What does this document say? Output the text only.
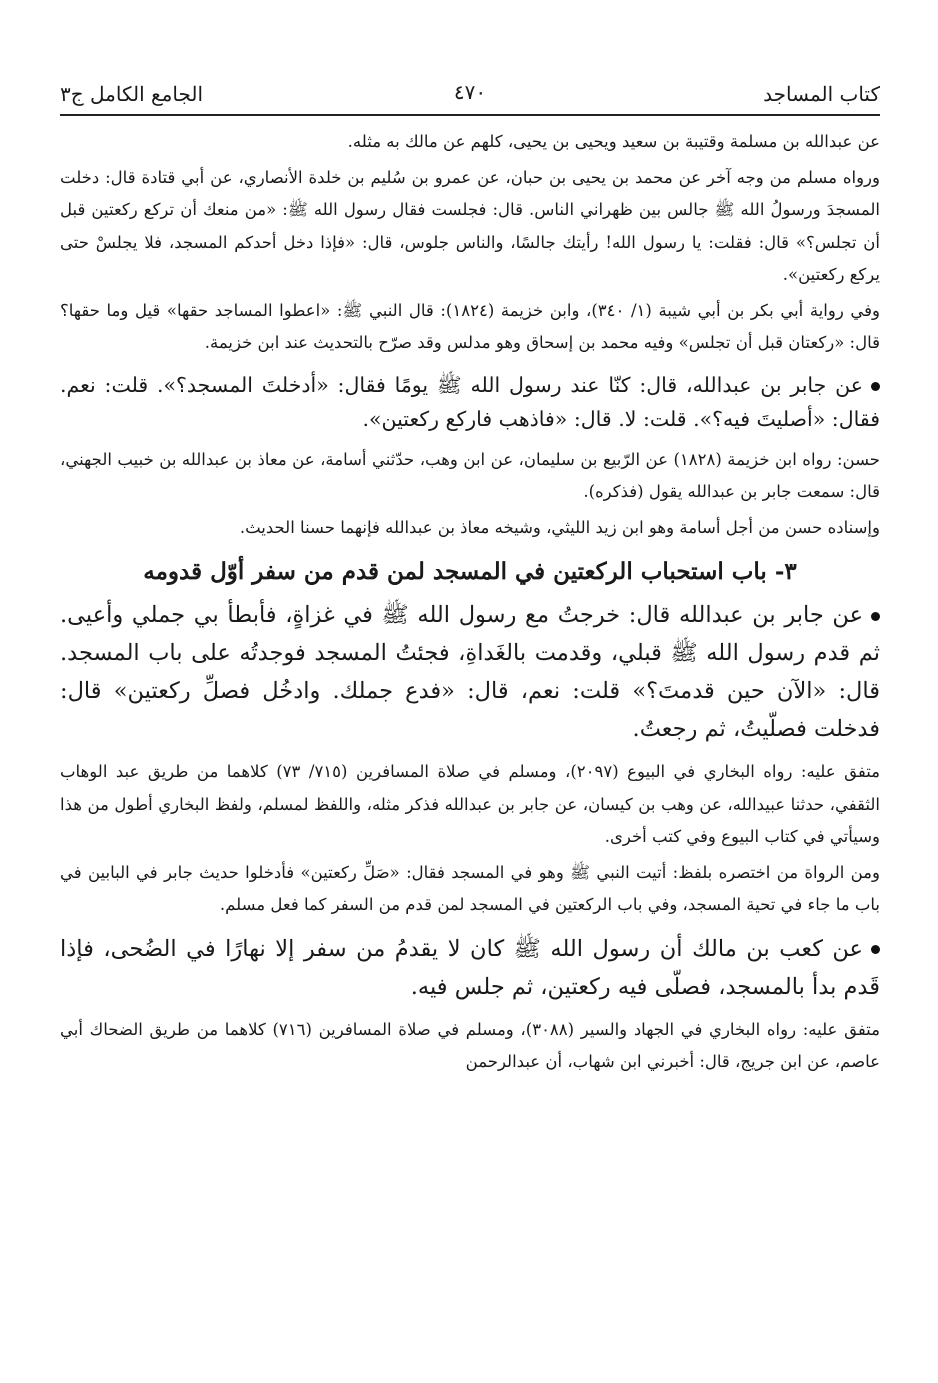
كتاب المساجد
٤٧٠
الجامع الكامل ج٣

عن عبدالله بن مسلمة وقتيبة بن سعيد ويحيى بن يحيى، كلهم عن مالك به مثله.

ورواه مسلم من وجه آخر عن محمد بن يحيى بن حبان، عن عمرو بن سُليم بن خلدة الأنصاري، عن أبي قتادة قال: دخلت المسجدَ ورسولُ الله ﷺ جالس بين ظهراني الناس. قال: فجلست فقال رسول الله ﷺ: «من منعك أن تركع ركعتين قبل أن تجلس؟» قال: فقلت: يا رسول الله! رأيتك جالسًا، والناس جلوس، قال: «فإذا دخل أحدكم المسجد، فلا يجلسْ حتى يركع ركعتين».

وفي رواية أبي بكر بن أبي شيبة (١/ ٣٤٠)، وابن خزيمة (١٨٢٤): قال النبي ﷺ: «اعطوا المساجد حقها» قيل وما حقها؟ قال: «ركعتان قبل أن تجلس» وفيه محمد بن إسحاق وهو مدلس وقد صرّح بالتحديث عند ابن خزيمة.

عن جابر بن عبدالله، قال: كنّا عند رسول الله ﷺ يومًا فقال: «أدخلتَ المسجد؟». قلت: نعم. فقال: «أصليتَ فيه؟». قلت: لا. قال: «فاذهب فاركع ركعتين».

حسن: رواه ابن خزيمة (١٨٢٨) عن الرّبيع بن سليمان، عن ابن وهب، حدّثني أسامة، عن معاذ بن عبدالله بن خبيب الجهني، قال: سمعت جابر بن عبدالله يقول (فذكره).

وإسناده حسن من أجل أسامة وهو ابن زيد الليثي، وشيخه معاذ بن عبدالله فإنهما حسنا الحديث.

٣- باب استحباب الركعتين في المسجد لمن قدم من سفر أوّل قدومه

عن جابر بن عبدالله قال: خرجتُ مع رسول الله ﷺ في غزاةٍ، فأبطأ بي جملي وأعيى. ثم قدم رسول الله ﷺ قبلي، وقدمت بالغَداةِ، فجئتُ المسجد فوجدتُه على باب المسجد. قال: «الآن حين قدمتَ؟» قلت: نعم، قال: «فدع جملك. وادخُل فصلِّ ركعتين» قال: فدخلت فصلّيتُ، ثم رجعتُ.

متفق عليه: رواه البخاري في البيوع (٢٠٩٧)، ومسلم في صلاة المسافرين (٧١٥/ ٧٣) كلاهما من طريق عبد الوهاب الثقفي، حدثنا عبيدالله، عن وهب بن كيسان، عن جابر بن عبدالله فذكر مثله، واللفظ لمسلم، ولفظ البخاري أطول من هذا وسيأتي في كتاب البيوع وفي كتب أخرى.

ومن الرواة من اختصره بلفظ: أتيت النبي ﷺ وهو في المسجد فقال: «صَلِّ ركعتين» فأدخلوا حديث جابر في البابين في باب ما جاء في تحية المسجد، وفي باب الركعتين في المسجد لمن قدم من السفر كما فعل مسلم.

عن كعب بن مالك أن رسول الله ﷺ كان لا يقدمُ من سفر إلا نهارًا في الضُحى، فإذا قَدم بدأ بالمسجد، فصلّى فيه ركعتين، ثم جلس فيه.

متفق عليه: رواه البخاري في الجهاد والسير (٣٠٨٨)، ومسلم في صلاة المسافرين (٧١٦) كلاهما من طريق الضحاك أبي عاصم، عن ابن جريج، قال: أخبرني ابن شهاب، أن عبدالرحمن
